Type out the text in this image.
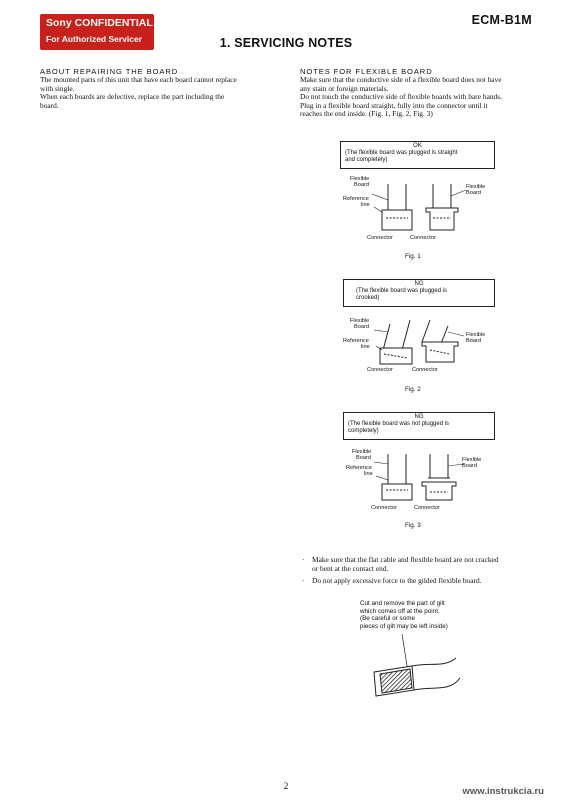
Sony CONFIDENTIAL
For Authorized Servicer
ECM-B1M
1. SERVICING NOTES
ABOUT REPAIRING THE BOARD
The mounted parts of this unit that have each board cannot replace
with single.
When each boards are defective, replace the part including the
board.
NOTES FOR FLEXIBLE BOARD
Make sure that the conductive side of a flexible board does not have
any stain or foreign materials.
Do not touch the conductive side of flexible boards with bare hands.
Plug in a flexible board straight, fully into the connector until it
reaches the end inside. (Fig. 1, Fig. 2, Fig. 3)
OK
(The flexible board was plugged is straight
and completely)
Flexible
Board
Reference
line
Flexible
Board
Connector	Connector
Fig. 1
NG
(The flexible board was plugged is
crooked)
Flexible
Board
Reference
line
Flexible
Board
Connector	Connector
Fig. 2
NG
(The flexible board was not plugged is
completely)
Flexible
Board
Reference
line
Flexible
Board
Connector	Connector
Fig. 3
· Make sure that the flat cable and flexible board are not cracked
or bent at the contact end.
· Do not apply excessive force to the gilded flexible board.
Cut and remove the part of gilt
which comes off at the point.
(Be careful or some
pieces of gilt may be left inside)
2	www.instrukcia.ru
